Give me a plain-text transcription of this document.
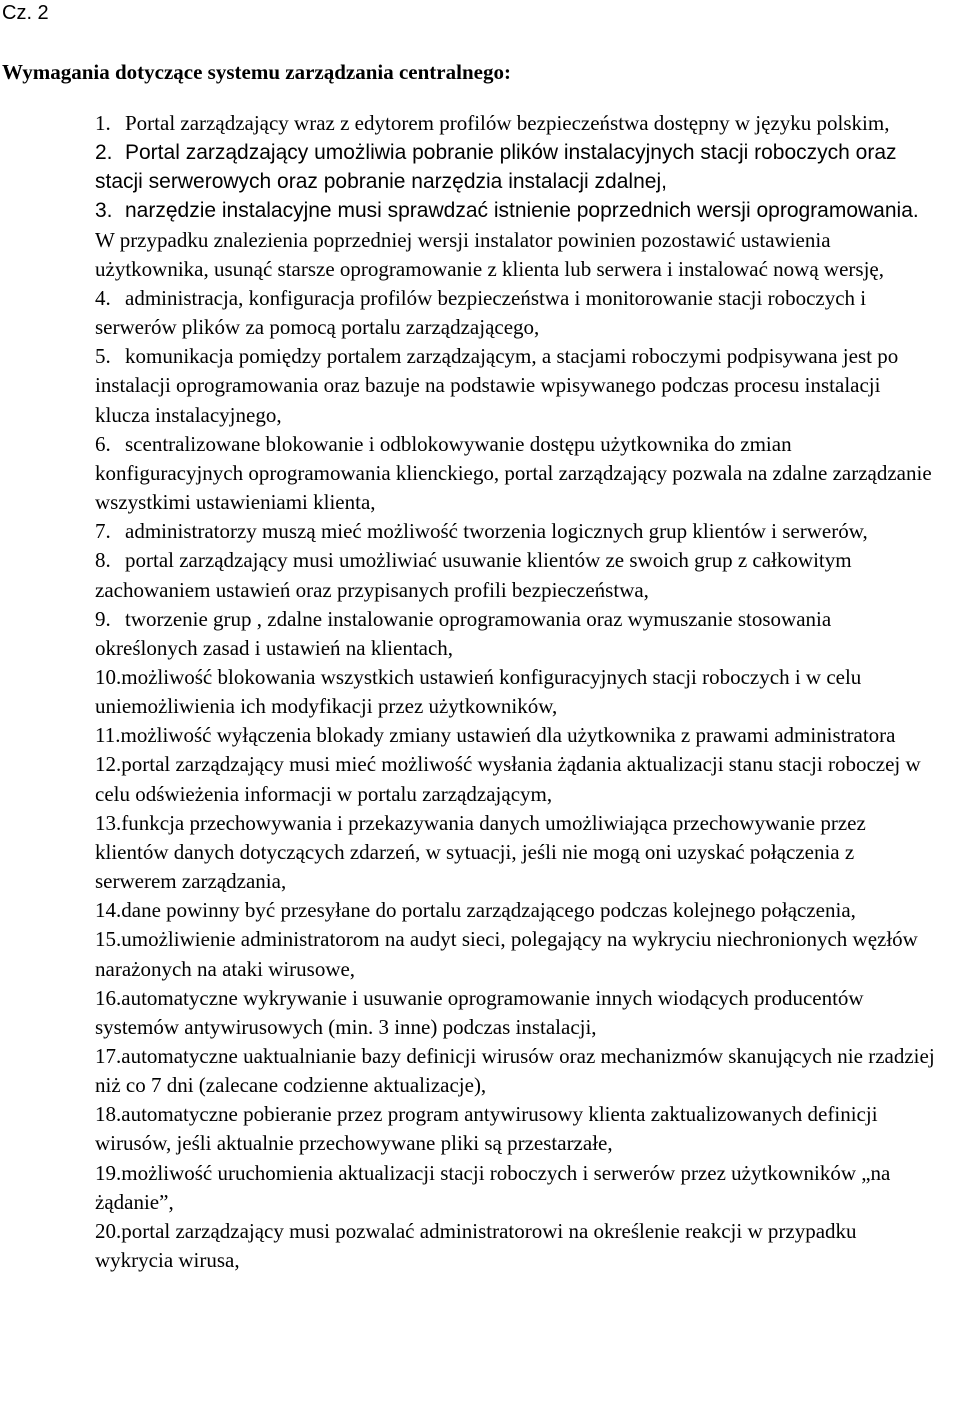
Cz. 2
Wymagania dotyczące systemu zarządzania centralnego:
1. Portal zarządzający wraz z edytorem profilów bezpieczeństwa dostępny w języku polskim,
2. Portal zarządzający umożliwia pobranie plików instalacyjnych stacji roboczych oraz stacji serwerowych oraz pobranie narzędzia instalacji zdalnej,
3. narzędzie instalacyjne musi sprawdzać istnienie poprzednich wersji oprogramowania. W przypadku znalezienia poprzedniej wersji instalator powinien pozostawić ustawienia użytkownika, usunąć starsze oprogramowanie z klienta lub serwera i instalować nową wersję,
4. administracja, konfiguracja profilów bezpieczeństwa i monitorowanie stacji roboczych i serwerów plików za pomocą portalu zarządzającego,
5. komunikacja pomiędzy portalem zarządzającym, a stacjami roboczymi podpisywana jest po instalacji oprogramowania oraz bazuje na podstawie wpisywanego podczas procesu instalacji klucza instalacyjnego,
6. scentralizowane blokowanie i odblokowywanie dostępu użytkownika do zmian konfiguracyjnych oprogramowania klienckiego, portal zarządzający pozwala na zdalne zarządzanie wszystkimi ustawieniami klienta,
7. administratorzy muszą mieć możliwość tworzenia logicznych grup klientów i serwerów,
8. portal zarządzający musi umożliwiać usuwanie klientów ze swoich grup z całkowitym zachowaniem ustawień oraz przypisanych profili bezpieczeństwa,
9. tworzenie grup , zdalne instalowanie oprogramowania oraz wymuszanie stosowania określonych zasad i ustawień na klientach,
10.możliwość blokowania wszystkich ustawień konfiguracyjnych stacji roboczych i w celu uniemożliwienia ich modyfikacji przez użytkowników,
11.możliwość wyłączenia blokady zmiany ustawień dla użytkownika z prawami administratora
12.portal zarządzający musi mieć możliwość wysłania żądania aktualizacji stanu stacji roboczej w celu odświeżenia informacji w portalu zarządzającym,
13.funkcja przechowywania i przekazywania danych umożliwiająca przechowywanie przez klientów danych dotyczących zdarzeń, w sytuacji, jeśli nie mogą oni uzyskać połączenia z serwerem zarządzania,
14.dane powinny być przesyłane do portalu zarządzającego podczas kolejnego połączenia,
15.umożliwienie administratorom na audyt sieci, polegający na wykryciu niechronionych węzłów narażonych na ataki wirusowe,
16.automatyczne wykrywanie i usuwanie oprogramowanie innych wiodących producentów systemów antywirusowych (min. 3 inne) podczas instalacji,
17.automatyczne uaktualnianie bazy definicji wirusów oraz mechanizmów skanujących nie rzadziej niż co 7 dni (zalecane codzienne aktualizacje),
18.automatyczne pobieranie przez program antywirusowy klienta zaktualizowanych definicji wirusów, jeśli aktualnie przechowywane pliki są przestarzałe,
19.możliwość uruchomienia aktualizacji stacji roboczych i serwerów przez użytkowników „na żądanie”,
20.portal zarządzający musi pozwalać administratorowi na określenie reakcji w przypadku wykrycia wirusa,
